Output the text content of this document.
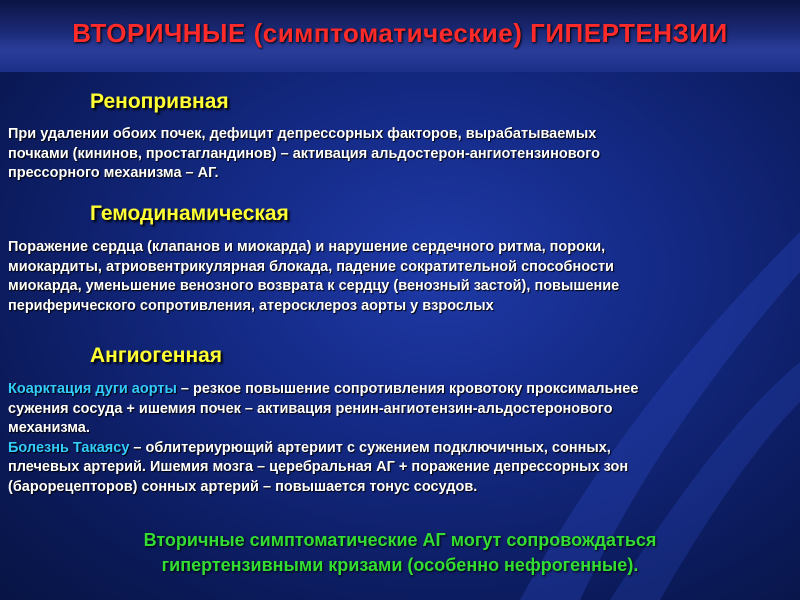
ВТОРИЧНЫЕ (симптоматические) ГИПЕРТЕНЗИИ
Ренопривная
При удалении обоих почек, дефицит депрессорных факторов, вырабатываемых
почками (кининов, простагландинов) – активация альдостерон-ангиотензинового
прессорного механизма – АГ.
Гемодинамическая
Поражение сердца (клапанов и миокарда) и нарушение сердечного ритма, пороки,
миокардиты, атриовентрикулярная блокада, падение сократительной способности
миокарда, уменьшение венозного возврата к сердцу (венозный застой), повышение
периферического сопротивления, атеросклероз аорты у взрослых
Ангиогенная
Коарктация дуги аорты – резкое повышение сопротивления кровотоку проксимальнее
сужения сосуда + ишемия почек – активация ренин-ангиотензин-альдостеронового
механизма.
Болезнь Такаясу – облитериурющий артериит с сужением подключичных, сонных,
плечевых артерий. Ишемия мозга – церебральная АГ + поражение депрессорных зон
(барорецепторов) сонных артерий – повышается тонус сосудов.
Вторичные симптоматические АГ могут сопровождаться
гипертензивными кризами (особенно нефрогенные).
